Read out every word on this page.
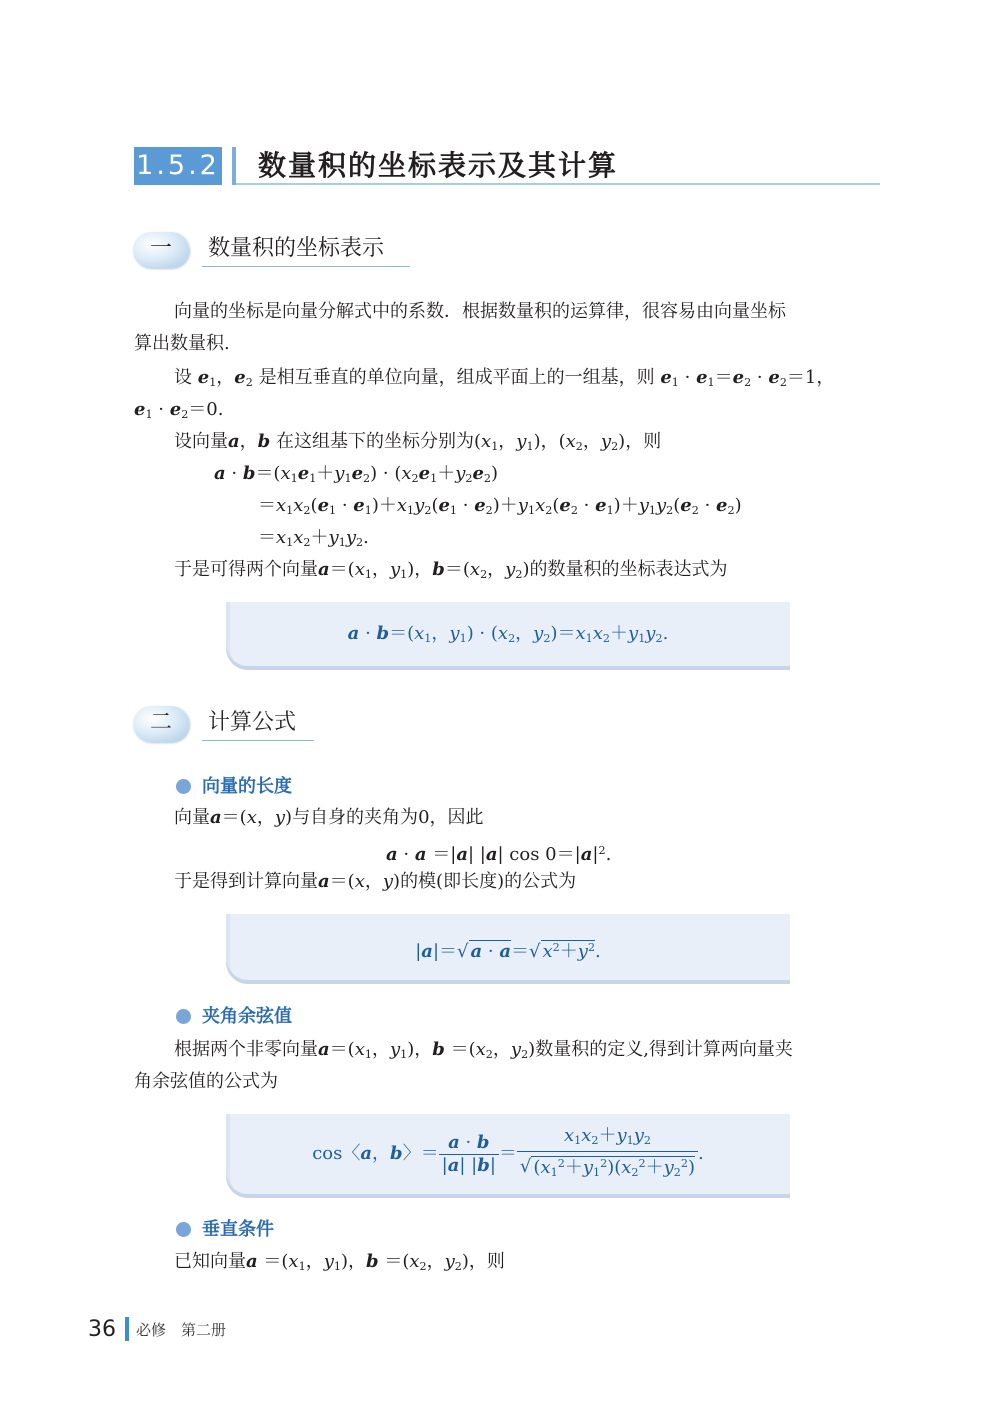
1.5.2 数量积的坐标表示及其计算
一	数量积的坐标表示
向量的坐标是向量分解式中的系数．根据数量积的运算律，很容易由向量坐标
算出数量积.
设 $e_1$，$e_2$ 是相互垂直的单位向量，组成平面上的一组基，则 $e_1 \cdot e_1=e_2 \cdot e_2=1$，
$e_1 \cdot e_2=0$.
设向量a，b 在这组基下的坐标分别为($x_1$，$y_1$)，($x_2$，$y_2$)，则
$a \cdot b=(x_1e_1+y_1e_2) \cdot (x_2e_1+y_2e_2)$
$=x_1x_2(e_1 \cdot e_1)+x_1y_2(e_1 \cdot e_2)+y_1x_2(e_2 \cdot e_1)+y_1y_2(e_2 \cdot e_2)$
$=x_1x_2+y_1y_2$.
于是可得两个向量$a=(x_1$，$y_1$)，$b=(x_2$，$y_2$)的数量积的坐标表达式为
$a \cdot b=(x_1$，$y_1) \cdot (x_2$，$y_2)=x_1x_2+y_1y_2$.
二	计算公式
向量的长度
向量a＝(x，y)与自身的夹角为0，因此
a · a ＝|a| |a| $\cos 0=|a|^2$.
于是得到计算向量a＝(x，y)的模(即长度)的公式为
|a|＝√ a · a＝√ $x^2+y^2$.
夹角余弦值
根据两个非零向量$a=(x_1$，$y_1$)，$b =(x_2$，$y_2$)数量积的定义,得到计算两向量夹
角余弦值的公式为
cos〈a，b〉＝ $\frac{a \cdot b}{|a| |b|} = \frac{x_1x_2+y_1y_2}{√ (x_1^2+y_1^2)(x_2^2+y_2^2)}$ .
垂直条件
已知向量$a =(x_1$，$y_1$)，$b =(x_2$，$y_2$)，则
36 必修　第二册
